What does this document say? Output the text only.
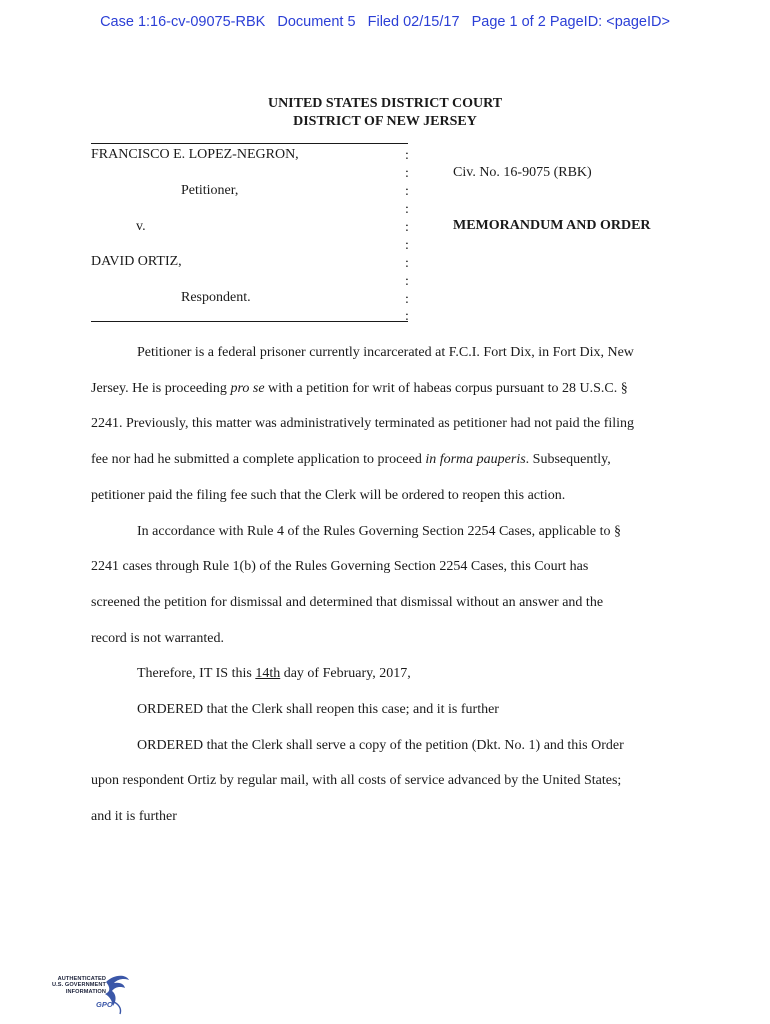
Case 1:16-cv-09075-RBK   Document 5   Filed 02/15/17   Page 1 of 2 PageID: <pageID>
UNITED STATES DISTRICT COURT
DISTRICT OF NEW JERSEY
FRANCISCO E. LOPEZ-NEGRON,
Petitioner,
v.
DAVID ORTIZ,
Respondent.
:
:
:
:
:
:
:
:
:
:
Civ. No. 16-9075 (RBK)
MEMORANDUM AND ORDER
Petitioner is a federal prisoner currently incarcerated at F.C.I. Fort Dix, in Fort Dix, New
Jersey. He is proceeding pro se with a petition for writ of habeas corpus pursuant to 28 U.S.C. §
2241. Previously, this matter was administratively terminated as petitioner had not paid the filing
fee nor had he submitted a complete application to proceed in forma pauperis. Subsequently,
petitioner paid the filing fee such that the Clerk will be ordered to reopen this action.
In accordance with Rule 4 of the Rules Governing Section 2254 Cases, applicable to §
2241 cases through Rule 1(b) of the Rules Governing Section 2254 Cases, this Court has
screened the petition for dismissal and determined that dismissal without an answer and the
record is not warranted.
Therefore, IT IS this 14th day of February, 2017,
ORDERED that the Clerk shall reopen this case; and it is further
ORDERED that the Clerk shall serve a copy of the petition (Dkt. No. 1) and this Order
upon respondent Ortiz by regular mail, with all costs of service advanced by the United States;
and it is further
AUTHENTICATED
U.S. GOVERNMENT
INFORMATION
GPO
